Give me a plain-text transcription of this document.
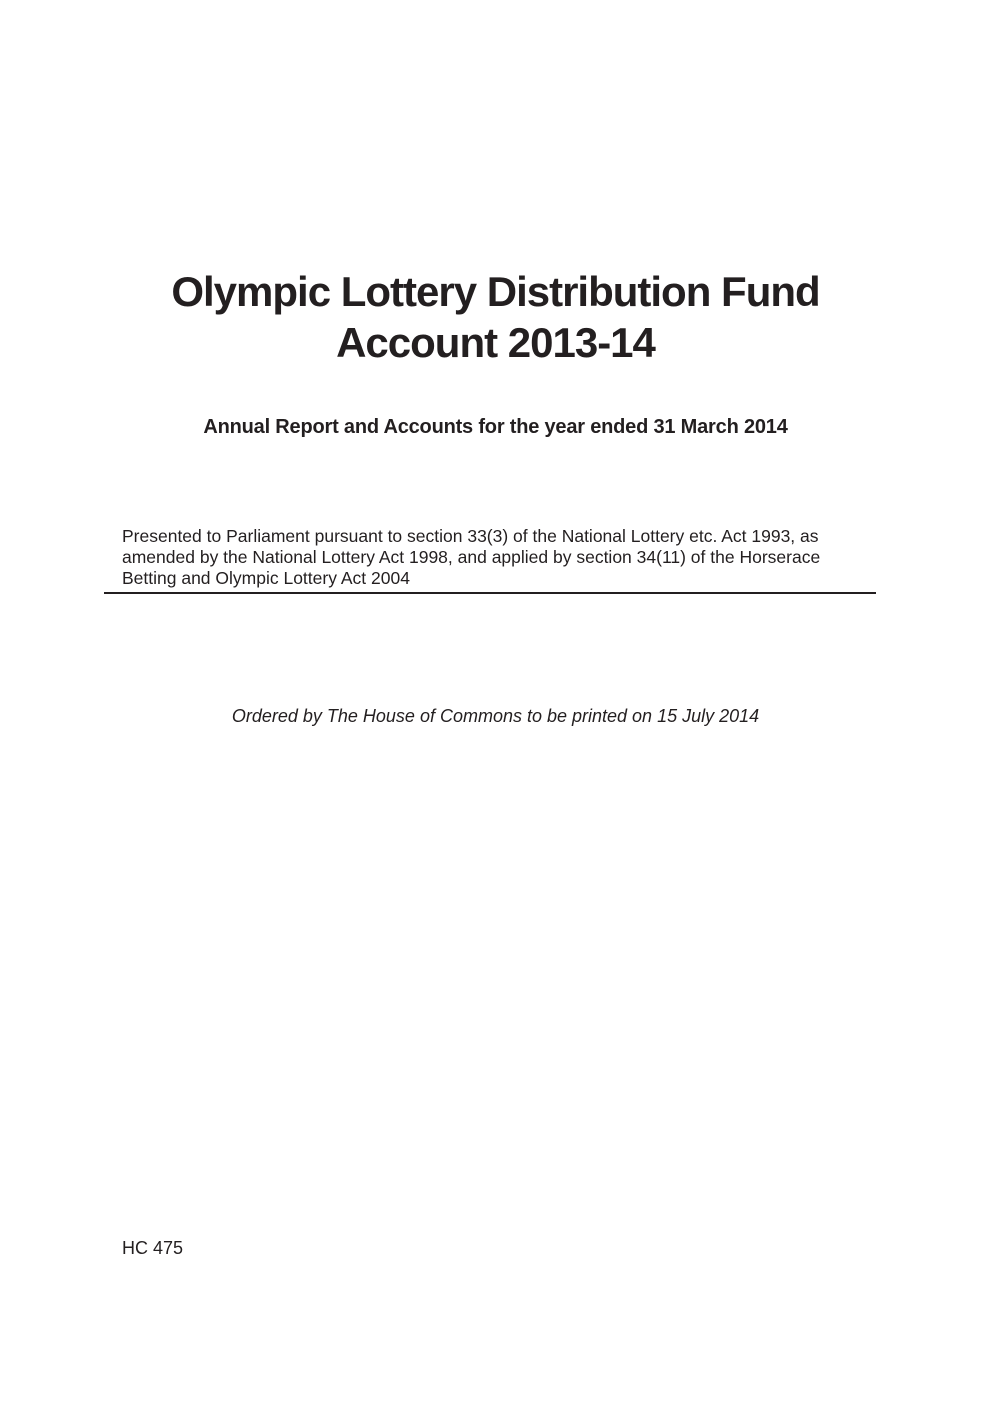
Olympic Lottery Distribution Fund
Account 2013-14
Annual Report and Accounts for the year ended 31 March 2014
Presented to Parliament pursuant to section 33(3) of the National Lottery etc. Act 1993, as amended by the National Lottery Act 1998, and applied by section 34(11) of the Horserace Betting and Olympic Lottery Act 2004
Ordered by The House of Commons to be printed on 15 July 2014
HC 475
